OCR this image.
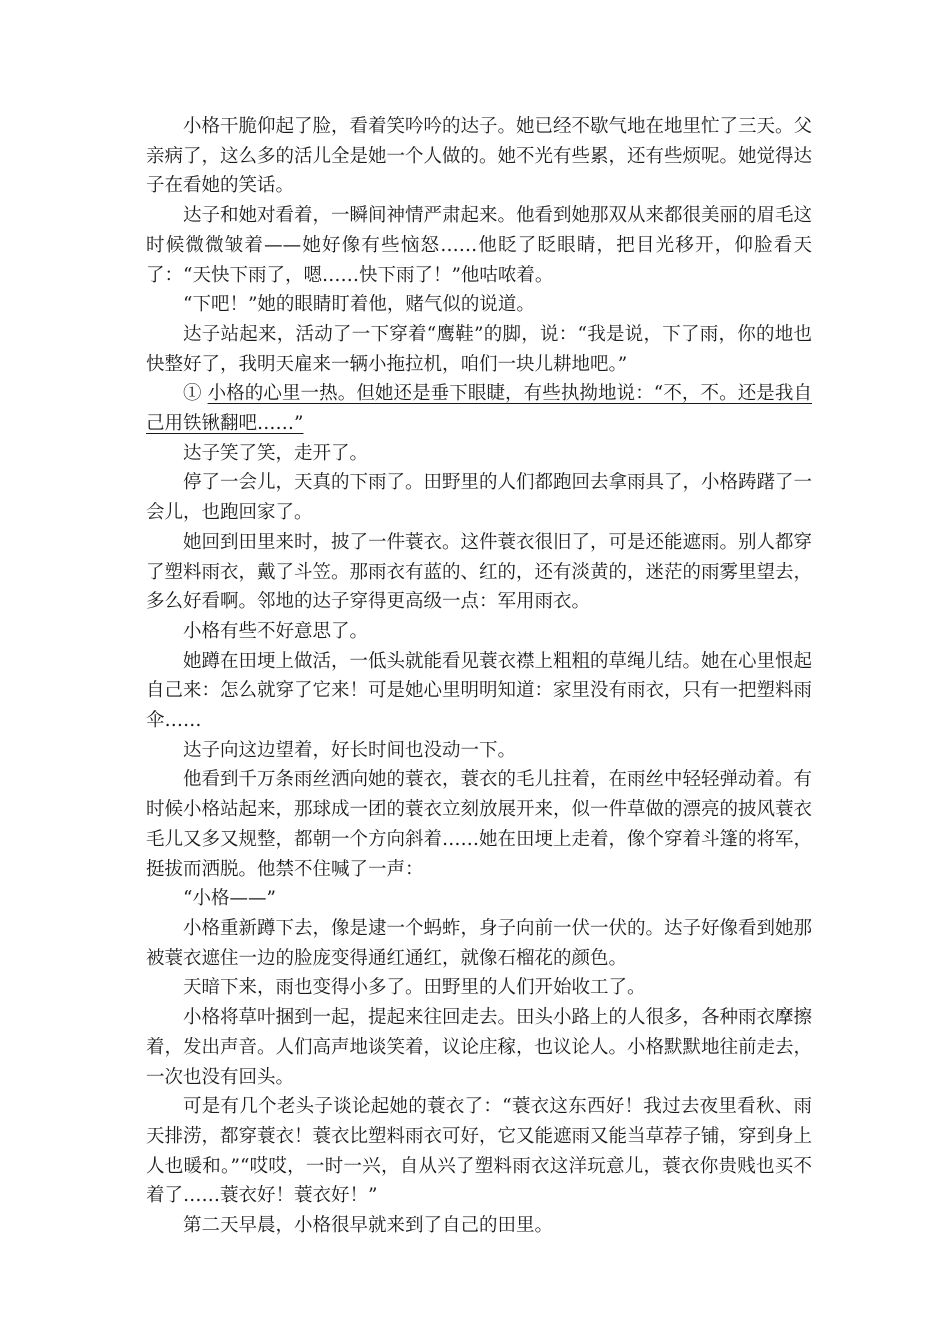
小格干脆仰起了脸，看着笑吟吟的达子。她已经不歇气地在地里忙了三天。父亲病了，这么多的活儿全是她一个人做的。她不光有些累，还有些烦呢。她觉得达子在看她的笑话。

达子和她对看着，一瞬间神情严肃起来。他看到她那双从来都很美丽的眉毛这时候微微皱着——她好像有些恼怒……他眨了眨眼睛，把目光移开，仰脸看天了：“天快下雨了，嗯……快下雨了！”他咕哝着。

“下吧！”她的眼睛盯着他，赌气似的说道。

达子站起来，活动了一下穿着“鹰鞋”的脚，说：“我是说，下了雨，你的地也快整好了，我明天雇来一辆小拖拉机，咱们一块儿耕地吧。”

① 小格的心里一热。但她还是垂下眼睫，有些执拗地说：“不，不。还是我自己用铁锹翻吧……”

达子笑了笑，走开了。

停了一会儿，天真的下雨了。田野里的人们都跑回去拿雨具了，小格踌躇了一会儿，也跑回家了。

她回到田里来时，披了一件蓑衣。这件蓑衣很旧了，可是还能遮雨。别人都穿了塑料雨衣，戴了斗笠。那雨衣有蓝的、红的，还有淡黄的，迷茫的雨雾里望去，多么好看啊。邻地的达子穿得更高级一点：军用雨衣。

小格有些不好意思了。

她蹲在田埂上做活，一低头就能看见蓑衣襟上粗粗的草绳儿结。她在心里恨起自己来：怎么就穿了它来！可是她心里明明知道：家里没有雨衣，只有一把塑料雨伞……

达子向这边望着，好长时间也没动一下。

他看到千万条雨丝洒向她的蓑衣，蓑衣的毛儿拄着，在雨丝中轻轻弹动着。有时候小格站起来，那球成一团的蓑衣立刻放展开来，似一件草做的漂亮的披风蓑衣毛儿又多又规整，都朝一个方向斜着……她在田埂上走着，像个穿着斗篷的将军，挺拔而洒脱。他禁不住喊了一声：

“小格——”

小格重新蹲下去，像是逮一个蚂蚱，身子向前一伏一伏的。达子好像看到她那被蓑衣遮住一边的脸庞变得通红通红，就像石榴花的颜色。

天暗下来，雨也变得小多了。田野里的人们开始收工了。

小格将草叶捆到一起，提起来往回走去。田头小路上的人很多，各种雨衣摩擦着，发出声音。人们高声地谈笑着，议论庄稼，也议论人。小格默默地往前走去，一次也没有回头。

可是有几个老头子谈论起她的蓑衣了：“蓑衣这东西好！我过去夜里看秋、雨天排涝，都穿蓑衣！蓑衣比塑料雨衣可好，它又能遮雨又能当草荐子铺，穿到身上人也暖和。”“哎哎，一时一兴，自从兴了塑料雨衣这洋玩意儿，蓑衣你贵贱也买不着了……蓑衣好！蓑衣好！”

第二天早晨，小格很早就来到了自己的田里。
